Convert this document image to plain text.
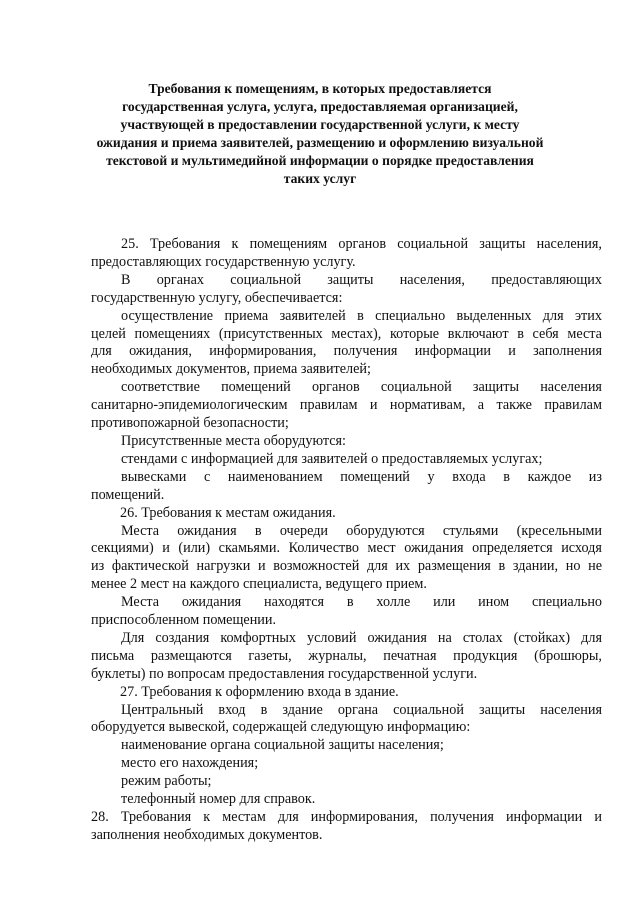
Требования к помещениям, в которых предоставляется
государственная услуга, услуга, предоставляемая организацией,
участвующей в предоставлении государственной услуги, к месту
ожидания и приема заявителей, размещению и оформлению визуальной
текстовой и мультимедийной информации о порядке предоставления
таких услуг

25. Требования к помещениям органов социальной защиты населения,
предоставляющих государственную услугу.

В органах социальной защиты населения, предоставляющих
государственную услугу, обеспечивается:

осуществление приема заявителей в специально выделенных для этих
целей помещениях (присутственных местах), которые включают в себя места
для ожидания, информирования, получения информации и заполнения
необходимых документов, приема заявителей;

соответствие помещений органов социальной защиты населения
санитарно-эпидемиологическим правилам и нормативам, а также правилам
противопожарной безопасности;

Присутственные места оборудуются:

стендами с информацией для заявителей о предоставляемых услугах;

вывесками с наименованием помещений у входа в каждое из
помещений.

26. Требования к местам ожидания.

Места ожидания в очереди оборудуются стульями (кресельными
секциями) и (или) скамьями. Количество мест ожидания определяется исходя
из фактической нагрузки и возможностей для их размещения в здании, но не
менее 2 мест на каждого специалиста, ведущего прием.

Места ожидания находятся в холле или ином специально
приспособленном помещении.

Для создания комфортных условий ожидания на столах (стойках) для
письма размещаются газеты, журналы, печатная продукция (брошюры,
буклеты) по вопросам предоставления государственной услуги.

27. Требования к оформлению входа в здание.

Центральный вход в здание органа социальной защиты населения
оборудуется вывеской, содержащей следующую информацию:

наименование органа социальной защиты населения;

место его нахождения;

режим работы;

телефонный номер для справок.

28. Требования к местам для информирования, получения информации и
заполнения необходимых документов.
